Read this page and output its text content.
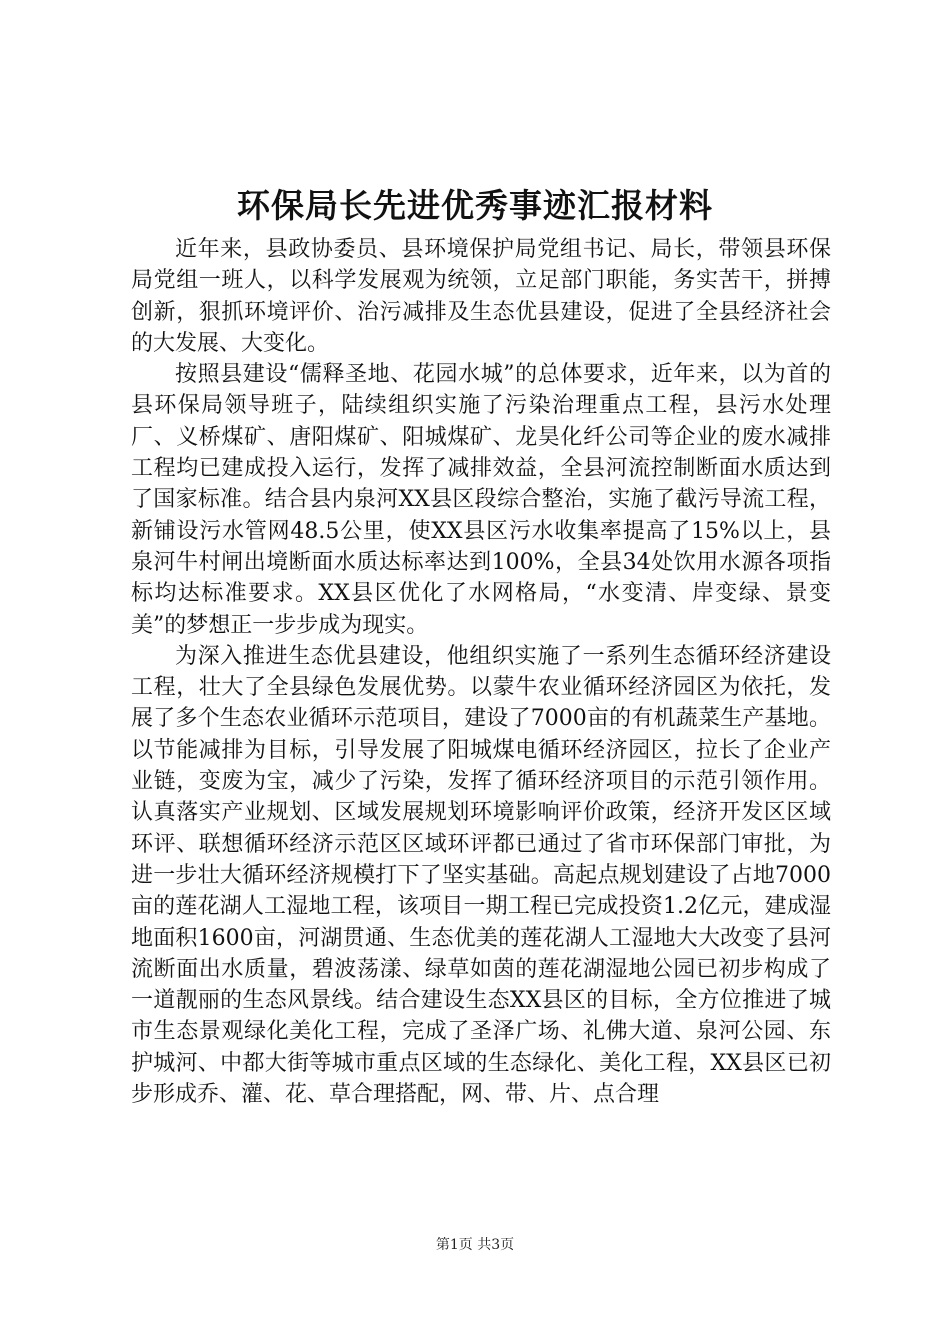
环保局长先进优秀事迹汇报材料

近年来，县政协委员、县环境保护局党组书记、局长，带领县环保局党组一班人，以科学发展观为统领，立足部门职能，务实苦干，拼搏创新，狠抓环境评价、治污减排及生态优县建设，促进了全县经济社会的大发展、大变化。

按照县建设“儒释圣地、花园水城”的总体要求，近年来，以为首的县环保局领导班子，陆续组织实施了污染治理重点工程，县污水处理厂、义桥煤矿、唐阳煤矿、阳城煤矿、龙昊化纤公司等企业的废水减排工程均已建成投入运行，发挥了减排效益，全县河流控制断面水质达到了国家标准。结合县内泉河XX县区段综合整治，实施了截污导流工程，新铺设污水管网48.5公里，使XX县区污水收集率提高了15%以上，县泉河牛村闸出境断面水质达标率达到100%，全县34处饮用水源各项指标均达标准要求。XX县区优化了水网格局，“水变清、岸变绿、景变美”的梦想正一步步成为现实。

为深入推进生态优县建设，他组织实施了一系列生态循环经济建设工程，壮大了全县绿色发展优势。以蒙牛农业循环经济园区为依托，发展了多个生态农业循环示范项目，建设了7000亩的有机蔬菜生产基地。以节能减排为目标，引导发展了阳城煤电循环经济园区，拉长了企业产业链，变废为宝，减少了污染，发挥了循环经济项目的示范引领作用。认真落实产业规划、区域发展规划环境影响评价政策，经济开发区区域环评、联想循环经济示范区区域环评都已通过了省市环保部门审批，为进一步壮大循环经济规模打下了坚实基础。高起点规划建设了占地7000亩的莲花湖人工湿地工程，该项目一期工程已完成投资1.2亿元，建成湿地面积1600亩，河湖贯通、生态优美的莲花湖人工湿地大大改变了县河流断面出水质量，碧波荡漾、绿草如茵的莲花湖湿地公园已初步构成了一道靓丽的生态风景线。结合建设生态XX县区的目标，全方位推进了城市生态景观绿化美化工程，完成了圣泽广场、礼佛大道、泉河公园、东护城河、中都大街等城市重点区域的生态绿化、美化工程，XX县区已初步形成乔、灌、花、草合理搭配，网、带、片、点合理

第1页 共3页
